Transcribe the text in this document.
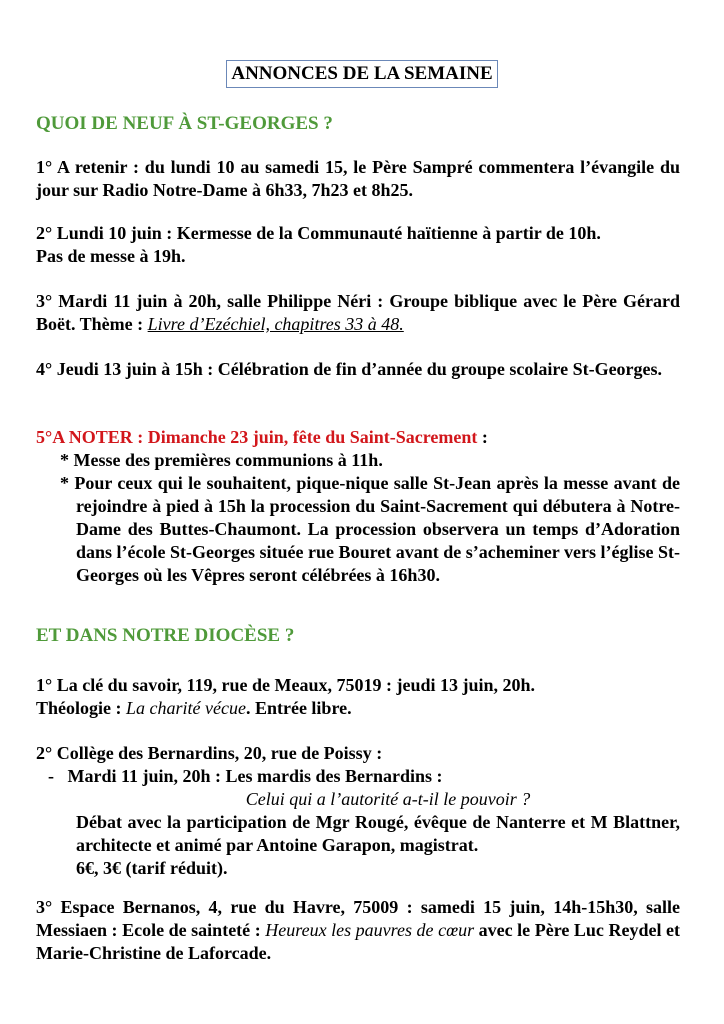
ANNONCES DE LA SEMAINE
QUOI DE NEUF À ST-GEORGES ?

1° A retenir : du lundi 10 au samedi 15, le Père Sampré commentera l’évangile du jour sur Radio Notre-Dame à 6h33, 7h23 et 8h25.

2° Lundi 10 juin : Kermesse de la Communauté haïtienne à partir de 10h.
Pas de messe à 19h.

3° Mardi 11 juin à 20h, salle Philippe Néri : Groupe biblique avec le Père Gérard Boët. Thème : Livre d’Ezéchiel, chapitres 33 à 48.

4° Jeudi 13 juin à 15h : Célébration de fin d’année du groupe scolaire St-Georges.

5°A NOTER : Dimanche 23 juin, fête du Saint-Sacrement :
* Messe des premières communions à 11h.
* Pour ceux qui le souhaitent, pique-nique salle St-Jean après la messe avant de rejoindre à pied à 15h la procession du Saint-Sacrement qui débutera à Notre-Dame des Buttes-Chaumont. La procession observera un temps d’Adoration dans l’école St-Georges située rue Bouret avant de s’acheminer vers l’église St-Georges où les Vêpres seront célébrées à 16h30.
ET DANS NOTRE DIOCÈSE ?

1° La clé du savoir, 119, rue de Meaux, 75019 : jeudi 13 juin, 20h.
Théologie : La charité vécue. Entrée libre.

2° Collège des Bernardins, 20, rue de Poissy :
- Mardi 11 juin, 20h : Les mardis des Bernardins :
Celui qui a l’autorité a-t-il le pouvoir ?
Débat avec la participation de Mgr Rougé, évêque de Nanterre et M Blattner, architecte et animé par Antoine Garapon, magistrat.
6€, 3€ (tarif réduit).

3° Espace Bernanos, 4, rue du Havre, 75009 : samedi 15 juin, 14h-15h30, salle Messiaen : Ecole de sainteté : Heureux les pauvres de cœur avec le Père Luc Reydel et Marie-Christine de Laforcade.
